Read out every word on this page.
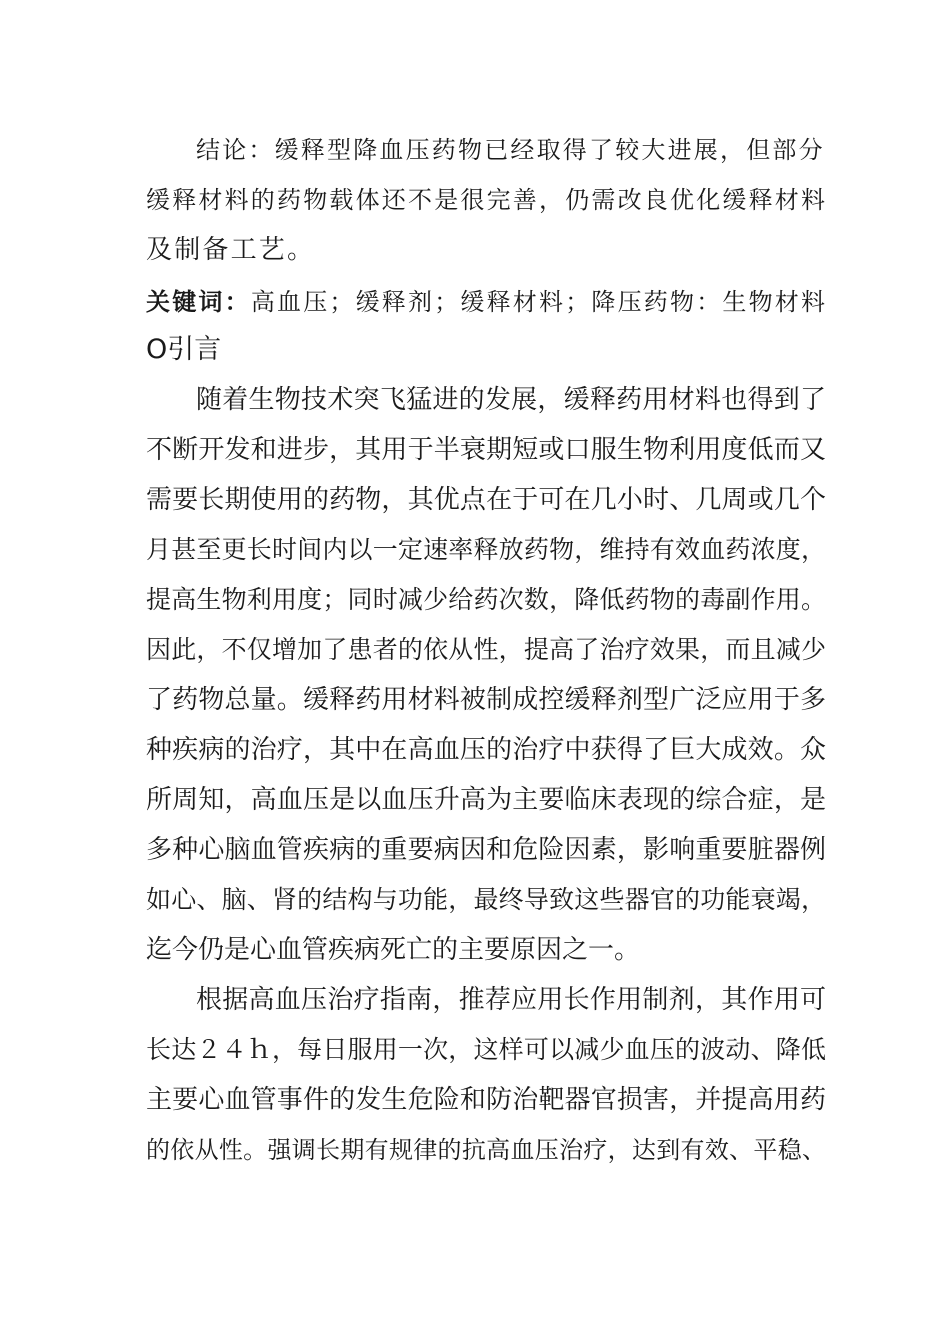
结论：缓释型降血压药物已经取得了较大进展，但部分
缓释材料的药物载体还不是很完善，仍需改良优化缓释材料
及制备工艺。
关键词：高血压；缓释剂；缓释材料；降压药物：生物材料
O引言
随着生物技术突飞猛进的发展，缓释药用材料也得到了
不断开发和进步，其用于半衰期短或口服生物利用度低而又
需要长期使用的药物，其优点在于可在几小时、几周或几个
月甚至更长时间内以一定速率释放药物，维持有效血药浓度，
提高生物利用度；同时减少给药次数，降低药物的毒副作用。
因此，不仅增加了患者的依从性，提高了治疗效果，而且减少
了药物总量。缓释药用材料被制成控缓释剂型广泛应用于多
种疾病的治疗，其中在高血压的治疗中获得了巨大成效。众
所周知，高血压是以血压升高为主要临床表现的综合症，是
多种心脑血管疾病的重要病因和危险因素，影响重要脏器例
如心、脑、肾的结构与功能，最终导致这些器官的功能衰竭，
迄今仍是心血管疾病死亡的主要原因之一。
根据高血压治疗指南，推荐应用长作用制剂，其作用可
长达２４ｈ，每日服用一次，这样可以减少血压的波动、降低
主要心血管事件的发生危险和防治靶器官损害，并提高用药
的依从性。强调长期有规律的抗高血压治疗，达到有效、平稳、
